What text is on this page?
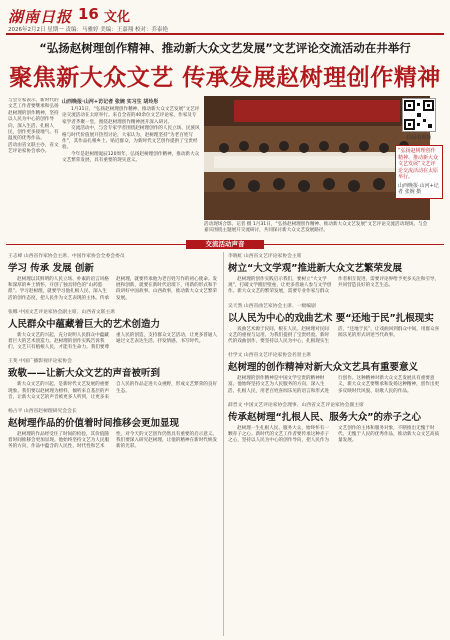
湖南日报 16 文化
2026年2月2日 星期一 责编：马雅婷 美编：王嘉翔 校对：乔泰艳
“弘扬赵树理创作精神、推动新大众文艺发展”文艺评论交流活动在井举行
聚焦新大众文艺 传承发展赵树理创作精神

与会专家表示，新时代的文艺工作者要继承和弘扬赵树理的创作精神，坚持以人民为中心的创作导向，深入生活、扎根人民，创作更多接地气、有温度的优秀作品。

活动由省文联主办，省文艺评论家协会承办。

山西晚报·山河+访记者 张婉 实习生 胡玲彤

1月31日，“弘扬赵树理创作精神、推动新大众文艺发展”文艺评论交流活动在太原举行。来自全省的40余位文艺评论家、作家及专家学者齐聚一堂，围绕赵树理创作精神展开深入研讨。

交流活动中，与会专家学者围绕赵树理创作的人民立场、民族风格与时代价值展开热烈讨论，大家认为，赵树理坚持“为老百姓写作”，其作品扎根乡土、贴近群众，为新时代文艺创作提供了宝贵经验。

今年是赵树理诞辰120周年，弘扬赵树理创作精神，推动新大众文艺繁荣发展，具有重要的现实意义。

活动现场合影。记者 摄 1月31日，“弘扬赵树理创作精神、推动新大众文艺发展”文艺评论交流活动现场。与会嘉宾围绕主题展开交流研讨，共同探讨新大众文艺发展路径。
扫码看视频
“弘扬赵树理创作精神、推动新大众文艺发展”文艺评论交流活动在太原举行。
山西晚报·山河+记者 张婉 摄
交流活动声音
王志峰 山西省作家协会主席、中国作家协会全委会委员
学习 传承 发展 创新

赵树理以其鲜明的人民立场、朴素的语言风格和深厚的乡土情怀，开创了独具特色的“山药蛋派”。学习赵树理，就要学习他扎根人民、深入生活的创作态度，把人民作为文艺表现的主体。传承赵树理，就要传承他为老百姓写作的初心使命。发展和创新，就要在新时代语境下，用新的形式和手段讲好中国故事、山西故事，推动新大众文艺繁荣发展。

张娜 中国文艺评论家协会副主席、山西省文联主席
人民群众中蕴藏着巨大的艺术创造力

新大众文艺的兴起，充分说明人民群众中蕴藏着巨大的艺术创造力。赵树理的创作实践告诉我们，文艺只有植根人民，才能有生命力。我们要尊重人民的创造，支持群众文艺活动，让更多普通人通过文艺表达生活、抒发情感，书写时代。

王斐 中国广播影视评论家协会
致敬——让新大众文艺的声音被听到

新大众文艺的兴起，是新时代文艺发展的重要现象。我们要以赵树理为榜样，倾听来自基层的声音，让新大众文艺的声音被更多人听到，让更多来自人民的作品走进大众视野，形成文艺繁荣的良好生态。

杨占平 山西省赵树理研究会会长
赵树理作品的价值着时间推移会更加显现

赵树理的作品经受住了时间的检验，其价值随着时间推移会更加显现。他始终坚持文艺为人民服务的方向，作品中蕴含的人民性、时代性和艺术性，对今天的文艺创作仍然具有重要的启示意义。我们要深入研究赵树理，让他的精神在新时代焕发新的光彩。

李晓虹 山西省文艺评论家协会主席
树立“大文学观”推进新大众文艺繁荣发展

赵树理的创作实践启示我们，要树立“大文学观”，打破文学圈层壁垒，让更多普通人参与文学创作。新大众文艺的繁荣发展，需要专业作家与群众作者相互促进，需要评论界给予更多关注和引导，共同营造良好的文艺生态。

吴天然 山西省曲艺家协会主席、一级编剧
以人民为中心的戏曲艺术 要“还地于民”扎根现实

戏曲艺术源于民间、根在人民。赵树理对民间文艺的重视与运用，为我们提供了宝贵经验。新时代的戏曲创作，要坚持以人民为中心，扎根现实生活，“还地于民”，让戏曲回到群众中间，用群众喜闻乐见的形式讲述当代故事。

杜学文 山西省文艺评论家协会名誉主席
赵树理的创作精神对新大众文艺具有重要意义

赵树理的创作精神是中国文学宝贵的精神财富。他始终坚持文艺为人民服务的方向，深入生活、扎根人民，用老百姓喜闻乐见的语言和形式进行创作。这种精神对新大众文艺发展具有重要意义，新大众文艺要继承和发扬这种精神，创作出更多反映时代风貌、讴歌人民的作品。

薛晋文 中国文艺评论家协会理事、山西省文艺评论家协会副主席
传承赵树理“扎根人民、服务大众”的赤子之心

赵树理一生扎根人民、服务大众，始终怀有一颗赤子之心。新时代的文艺工作者要传承这种赤子之心，坚持以人民为中心的创作导向，把人民作为文艺创作的主体和服务对象，不断推出无愧于时代、无愧于人民的优秀作品，推动新大众文艺高质量发展。
